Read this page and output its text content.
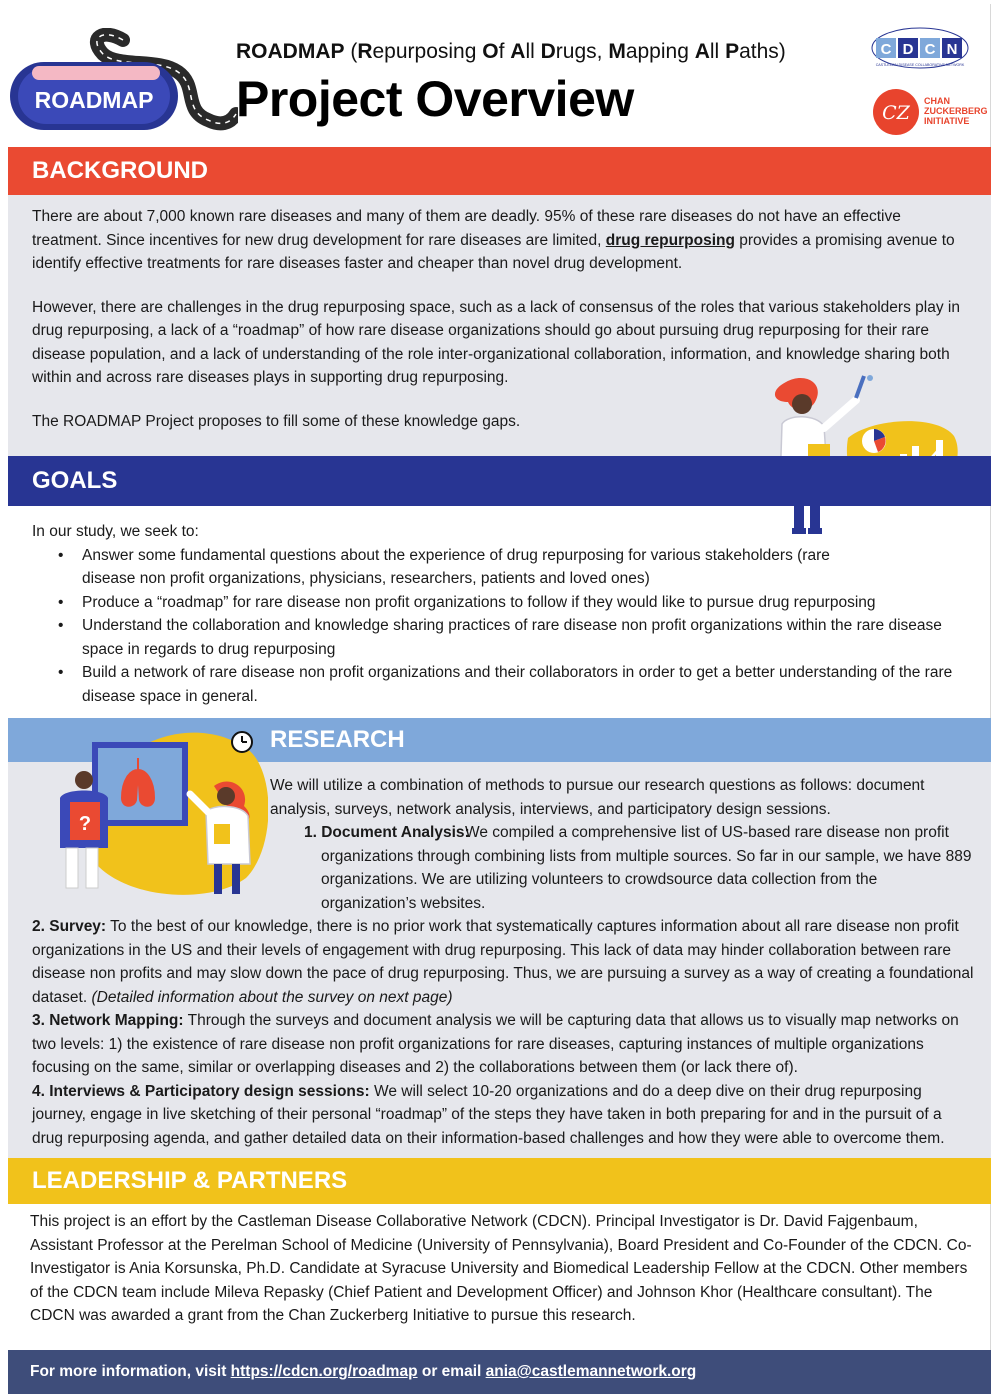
ROADMAP
ROADMAP (Repurposing Of All Drugs, Mapping All Paths)
Project Overview
C D C N
CASTLEMAN DISEASE COLLABORATIVE NETWORK
CZ
CHAN
ZUCKERBERG
INITIATIVE
BACKGROUND

There are about 7,000 known rare diseases and many of them are deadly. 95% of these rare diseases do not have an effective treatment. Since incentives for new drug development for rare diseases are limited, drug repurposing provides a promising avenue to identify effective treatments for rare diseases faster and cheaper than novel drug development.

However, there are challenges in the drug repurposing space, such as a lack of consensus of the roles that various stakeholders play in drug repurposing, a lack of a “roadmap” of how rare disease organizations should go about pursuing drug repurposing for their rare disease population, and a lack of understanding of the role inter-organizational collaboration, information, and knowledge sharing both within and across rare diseases plays in supporting drug repurposing.

The ROADMAP Project proposes to fill some of these knowledge gaps.

GOALS

In our study, we seek to:

• Answer some fundamental questions about the experience of drug repurposing for various stakeholders (rare disease non profit organizations, physicians, researchers, patients and loved ones)
• Produce a “roadmap” for rare disease non profit organizations to follow if they would like to pursue drug repurposing
• Understand the collaboration and knowledge sharing practices of rare disease non profit organizations within the rare disease space in regards to drug repurposing
• Build a network of rare disease non profit organizations and their collaborators in order to get a better understanding of the rare disease space in general.
RESEARCH
?
We will utilize a combination of methods to pursue our research questions as follows: document analysis, surveys, network analysis, interviews, and participatory design sessions.
1. Document Analysis:
We compiled a comprehensive list of US-based rare disease non profit organizations through combining lists from multiple sources. So far in our sample, we have 889 organizations. We are utilizing volunteers to crowdsource data collection from the organization’s websites.

2. Survey: To the best of our knowledge, there is no prior work that systematically captures information about all rare disease non profit organizations in the US and their levels of engagement with drug repurposing. This lack of data may hinder collaboration between rare disease non profits and may slow down the pace of drug repurposing. Thus, we are pursuing a survey as a way of creating a foundational dataset. (Detailed information about the survey on next page)

3. Network Mapping: Through the surveys and document analysis we will be capturing data that allows us to visually map networks on two levels: 1) the existence of rare disease non profit organizations for rare diseases, capturing instances of multiple organizations focusing on the same, similar or overlapping diseases and 2) the collaborations between them (or lack there of).

4. Interviews & Participatory design sessions: We will select 10-20 organizations and do a deep dive on their drug repurposing journey, engage in live sketching of their personal “roadmap” of the steps they have taken in both preparing for and in the pursuit of a drug repurposing agenda, and gather detailed data on their information-based challenges and how they were able to overcome them.

LEADERSHIP & PARTNERS
This project is an effort by the Castleman Disease Collaborative Network (CDCN). Principal Investigator is Dr. David Fajgenbaum, Assistant Professor at the Perelman School of Medicine (University of Pennsylvania), Board President and Co-Founder of the CDCN. Co-Investigator is Ania Korsunska, Ph.D. Candidate at Syracuse University and Biomedical Leadership Fellow at the CDCN. Other members of the CDCN team include Mileva Repasky (Chief Patient and Development Officer) and Johnson Khor (Healthcare consultant). The CDCN was awarded a grant from the Chan Zuckerberg Initiative to pursue this research.
For more information, visit
https://cdcn.org/roadmap
or email
ania@castlemannetwork.org
